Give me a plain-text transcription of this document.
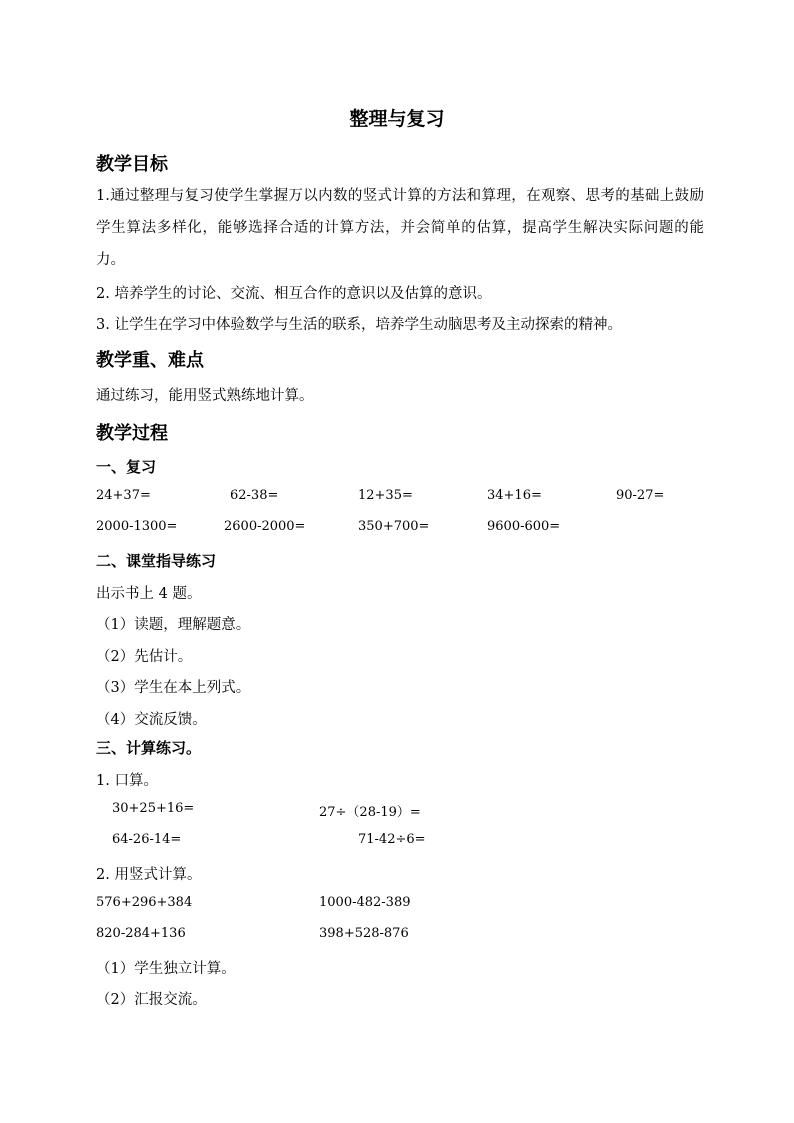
整理与复习
教学目标
1.通过整理与复习使学生掌握万以内数的竖式计算的方法和算理，在观察、思考的基础上鼓励学生算法多样化，能够选择合适的计算方法，并会简单的估算，提高学生解决实际问题的能力。
2. 培养学生的讨论、交流、相互合作的意识以及估算的意识。
3. 让学生在学习中体验数学与生活的联系，培养学生动脑思考及主动探索的精神。
教学重、难点
通过练习，能用竖式熟练地计算。
教学过程
一、复习
24+37=	62-38=	12+35=	34+16=	90-27=
2000-1300=	2600-2000=	350+700=	9600-600=
二、课堂指导练习
出示书上 4 题。
（1）读题，理解题意。
（2）先估计。
（3）学生在本上列式。
（4）交流反馈。
三、计算练习。
1. 口算。
30+25+16=	27÷（28-19）=
64-26-14=	71-42÷6=
2. 用竖式计算。
576+296+384	1000-482-389
820-284+136	398+528-876
（1）学生独立计算。
（2）汇报交流。
